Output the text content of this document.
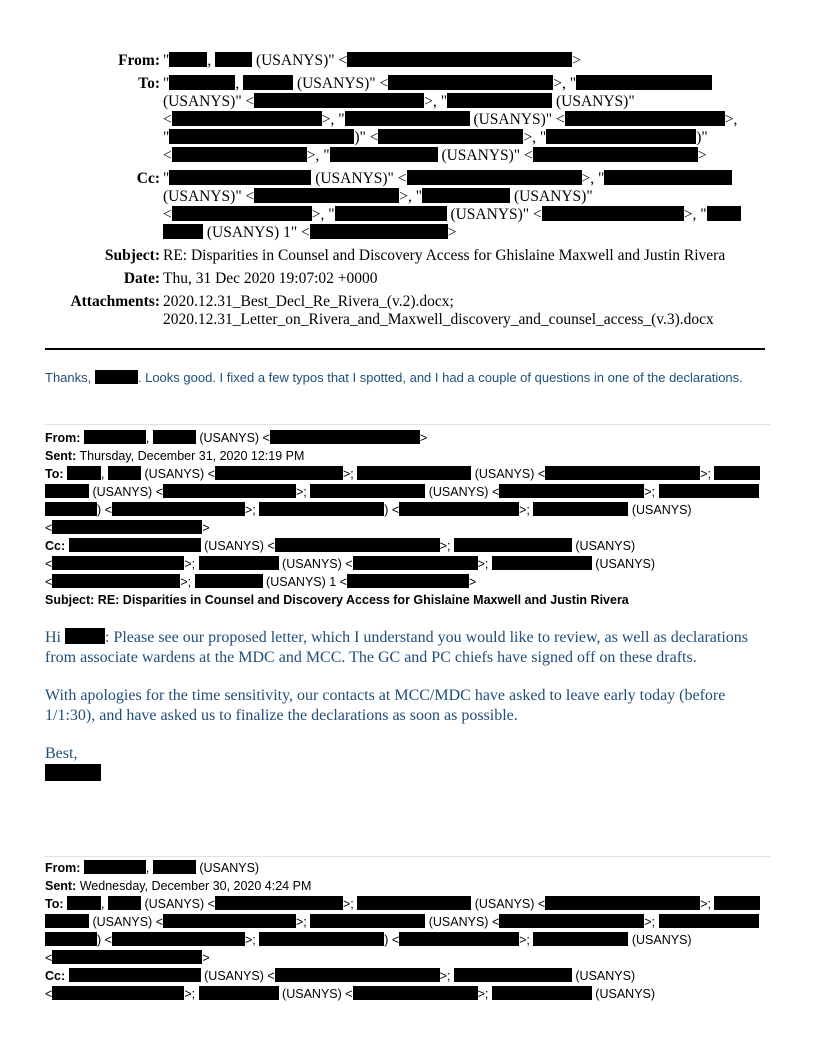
From: " ,	(USANYS)" <	>
To: "	,	(USANYS)" <	>, "
(USANYS)" <	>, "	(USANYS)"
<	>, "	(USANYS)" <	>,
"	)" <	>, "	)"
<	>, "	(USANYS)" <	>
Cc: "	(USANYS)" <	>, "
(USANYS)" <	>, "	(USANYS)"
<	>, "	(USANYS)" <	>, "
(USANYS) 1" <	>
Subject: RE: Disparities in Counsel and Discovery Access for Ghislaine Maxwell and Justin Rivera
Date: Thu, 31 Dec 2020 19:07:02 +0000
Attachments: 2020.12.31_Best_Decl_Re_Rivera_(v.2).docx;
2020.12.31_Letter_on_Rivera_and_Maxwell_discovery_and_counsel_access_(v.3).docx
Thanks,	. Looks good. I fixed a few typos that I spotted, and I had a couple of questions in one of the declarations.
From:	,	(USANYS) <	>
Sent: Thursday, December 31, 2020 12:19 PM
To:	,	(USANYS) <	>;	(USANYS) <	>;
(USANYS) <	>;	(USANYS) <	>;
) <	>;	) <	>;	(USANYS)
<	>
Cc:	(USANYS) <	>;	(USANYS)
<	>;	(USANYS) <	>;	(USANYS)
<	>;	(USANYS) 1 <	>
Subject: RE: Disparities in Counsel and Discovery Access for Ghislaine Maxwell and Justin Rivera

Hi	: Please see our proposed letter, which I understand you would like to review, as well as declarations from associate wardens at the MDC and MCC. The GC and PC chiefs have signed off on these drafts.

With apologies for the time sensitivity, our contacts at MCC/MDC have asked to leave early today (before 1/1:30), and have asked us to finalize the declarations as soon as possible.

Best,
From:	,	(USANYS)
Sent: Wednesday, December 30, 2020 4:24 PM
To:	,	(USANYS) <	>;	(USANYS) <	>;
(USANYS) <	>;	(USANYS) <	>;
) <	>;	) <	>;	(USANYS)
<	>
Cc:	(USANYS) <	>;	(USANYS)
<	>;	(USANYS) <	>;	(USANYS)
